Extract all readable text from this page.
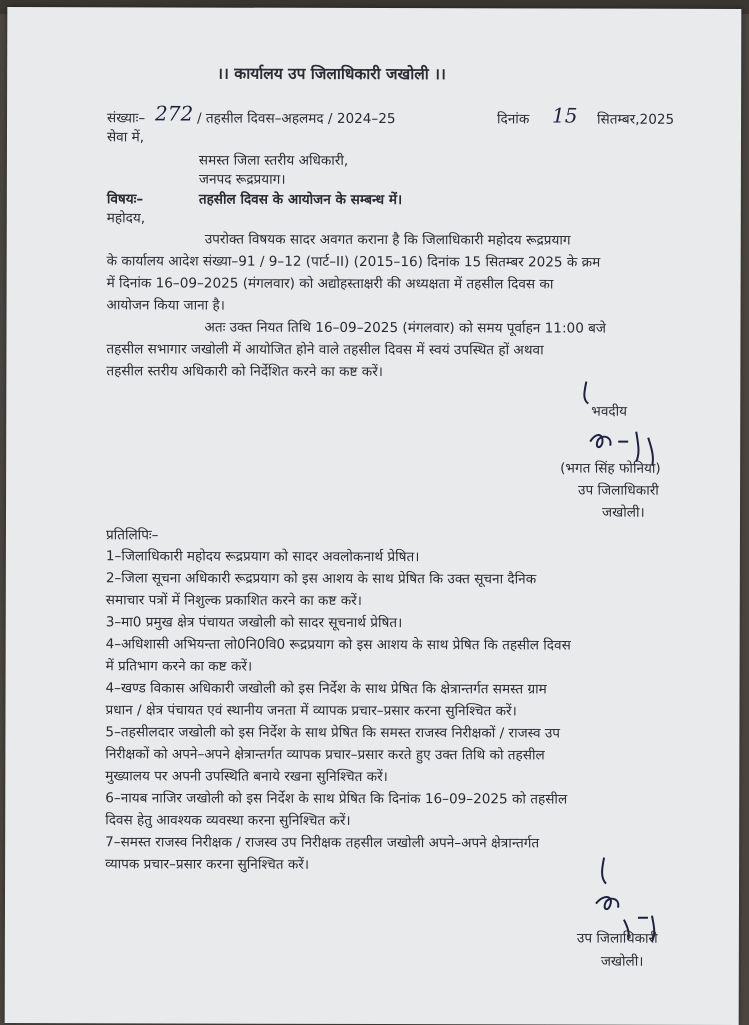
।। कार्यालय उप जिलाधिकारी जखोली ।।
संख्याः– 272 / तहसील दिवस–अहलमद / 2024–25	दिनांक 15 सितम्बर,2025
सेवा में,
समस्त जिला स्तरीय अधिकारी,
जनपद रूद्रप्रयाग।
विषयः–	तहसील दिवस के आयोजन के सम्बन्ध में।
महोदय,
उपरोक्त विषयक सादर अवगत कराना है कि जिलाधिकारी महोदय रूद्रप्रयाग
के कार्यालय आदेश संख्या–91 / 9–12 (पार्ट–II) (2015–16) दिनांक 15 सितम्बर 2025 के क्रम
में दिनांक 16–09–2025 (मंगलवार) को अद्योहस्ताक्षरी की अध्यक्षता में तहसील दिवस का
आयोजन किया जाना है।
अतः उक्त नियत तिथि 16–09–2025 (मंगलवार) को समय पूर्वाहन 11:00 बजे
तहसील सभागार जखोली में आयोजित होने वाले तहसील दिवस में स्वयं उपस्थित हों अथवा
तहसील स्तरीय अधिकारी को निर्देशित करने का कष्ट करें।
भवदीय
(भगत सिंह फोनिया)
उप जिलाधिकारी
जखोली।
प्रतिलिपिः–
1–जिलाधिकारी महोदय रूद्रप्रयाग को सादर अवलोकनार्थ प्रेषित।
2–जिला सूचना अधिकारी रूद्रप्रयाग को इस आशय के साथ प्रेषित कि उक्त सूचना दैनिक
समाचार पत्रों में निशुल्क प्रकाशित करने का कष्ट करें।
3–मा0 प्रमुख क्षेत्र पंचायत जखोली को सादर सूचनार्थ प्रेषित।
4–अधिशासी अभियन्ता लो0नि0वि0 रूद्रप्रयाग को इस आशय के साथ प्रेषित कि तहसील दिवस
में प्रतिभाग करने का कष्ट करें।
4–खण्ड विकास अधिकारी जखोली को इस निर्देश के साथ प्रेषित कि क्षेत्रान्तर्गत समस्त ग्राम
प्रधान / क्षेत्र पंचायत एवं स्थानीय जनता में व्यापक प्रचार–प्रसार करना सुनिश्चित करें।
5–तहसीलदार जखोली को इस निर्देश के साथ प्रेषित कि समस्त राजस्व निरीक्षकों / राजस्व उप
निरीक्षकों को अपने–अपने क्षेत्रान्तर्गत व्यापक प्रचार–प्रसार करते हुए उक्त तिथि को तहसील
मुख्यालय पर अपनी उपस्थिति बनाये रखना सुनिश्चित करें।
6–नायब नाजिर जखोली को इस निर्देश के साथ प्रेषित कि दिनांक 16–09–2025 को तहसील
दिवस हेतु आवश्यक व्यवस्था करना सुनिश्चित करें।
7–समस्त राजस्व निरीक्षक / राजस्व उप निरीक्षक तहसील जखोली अपने–अपने क्षेत्रान्तर्गत
व्यापक प्रचार–प्रसार करना सुनिश्चित करें।
उप जिलाधिकारी
जखोली।
